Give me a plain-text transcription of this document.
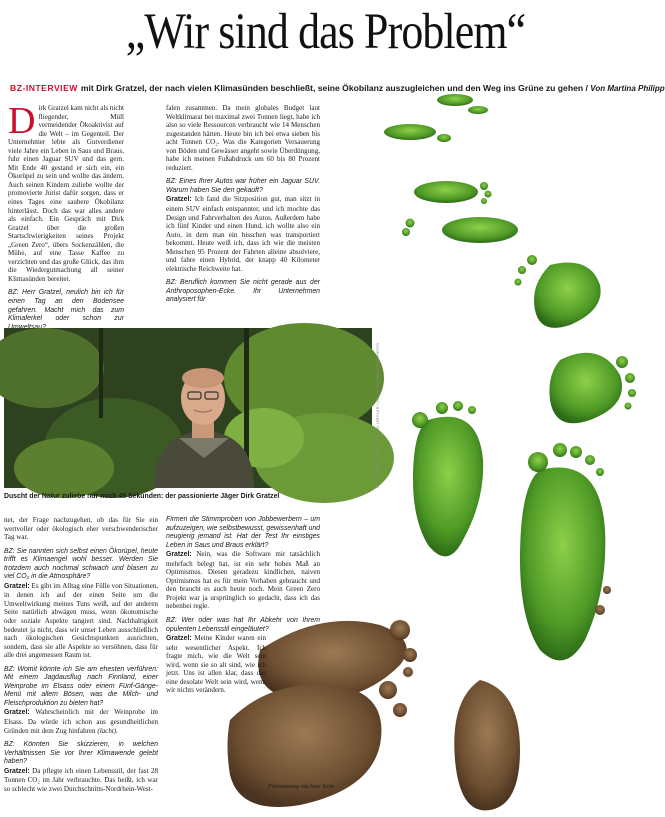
„Wir sind das Problem“
BZ-INTERVIEW mit Dirk Gratzel, der nach vielen Klimasünden beschließt, seine Ökobilanz auszugleichen und den Weg ins Grüne zu gehen / Von Martina Philipp

Dirk Gratzel kam nicht als nicht fliegender, Müll vermeidender Ökoaktivist auf die Welt – im Gegenteil. Der Unternehmer lebte als Gutverdiener viele Jahre ein Leben in Saus und Braus, fuhr einen Jaguar SUV und das gern. Mit Ende 40 gestand er sich ein, ein Ökorüpel zu sein und wollte das ändern. Auch seinen Kindern zuliebe wollte der promovierte Jurist dafür sorgen, dass er eines Tages eine saubere Ökobilanz hinterlässt. Doch das war alles andere als einfach. Ein Gespräch mit Dirk Gratzel über die großen Startschwierigkeiten seines Projekt „Green Zero“, übers Sockenzählen, die Mühe, auf eine Tasse Kaffee zu verzichten und das große Glück, das ihm die Wiedergutmachung all seiner Klimasünden bereitet.

BZ: Herr Gratzel, neulich bin ich für einen Tag an den Bodensee gefahren. Macht mich das zum Klimaferkel oder schon zur

falen zusammen. Da mein globales Budget laut Weltklimarat bei maximal zwei Tonnen liegt, habe ich also so viele Ressourcen verbraucht wie 14 Menschen zugestanden hätten. Heute bin ich bei etwa sieben bis acht Tonnen CO₂. Was die Kategorien Versauerung von Böden und Gewässer angeht sowie Überdüngung, habe ich meinen Fußabdruck um 60 bis 80 Prozent reduziert.

BZ: Eines Ihrer Autos war früher ein Jaguar SUV. Warum haben Sie den gekauft?

Gratzel: Ich fand die Sitzposition gut, man sitzt in einem SUV einfach entspannter, und ich mochte das Design und Fahrverhalten des Autos. Außerdem habe ich fünf Kinder und einen Hund, ich wollte also ein Auto, in dem man ein bisschen was transportiert bekommt. Heute weiß ich, dass ich wie die meisten Menschen 95 Prozent der Fahrten alleine absolviere, und fahre einen Hybrid, der knapp 40 Kilometer elektrische Reichweite hat.

BZ: Beruflich kommen Sie nicht gerade aus der Anthroposophen-Ecke. Ihr Unternehmen analysiert für

FOTO: MARKUS GOTTA / BRUNO LÖFFLER / GETTY IMAGES/ISTOCKPHOTO
Duscht der Natur zuliebe nur noch 45 Sekunden: der passionierte Jäger Dirk Gratzel

net, der Frage nachzugehen, ob das für Sie ein wertvoller oder ökologisch eher verschwenderischer Tag war.

BZ: Sie nannten sich selbst einen Ökorüpel, heute trifft es Klimaengel wohl besser. Werden Sie trotzdem auch nochmal schwach und blasen zu viel CO₂ in die Atmosphäre?

Gratzel: Es gibt im Alltag eine Fülle von Situationen, in denen ich auf der einen Seite um die Umweltwirkung meines Tuns weiß, auf der anderen Seite natürlich abwägen muss, wenn ökonomische oder soziale Aspekte tangiert sind. Nachhaltigkeit bedeutet ja nicht, dass wir unser Leben ausschließlich nach ökologischen Gesichtspunkten ausrichten, sondern, dass sie alle Aspekte so versöhnen, dass für alle drei angemessen Raum ist.

BZ: Womit könnte ich Sie am ehesten verführen: Mit einem Jagdausflug nach Finnland, einer Weinprobe im Elsass oder einem Fünf-Gänge-Menü mit allem Bösen, was die Milch- und Fleischproduktion zu bieten hat?

Gratzel: Wahrscheinlich mit der Weinprobe im Elsass. Da würde ich schon aus gesundheitlichen Gründen mit dem Zug hinfahren (lacht).

BZ: Könnten Sie skizzieren, in welchen Verhältnissen Sie vor Ihrer Klimawende gelebt haben?

Gratzel: Da pflegte ich einen Lebensstil, der fast 28 Tonnen CO₂ im Jahr verbrauchte. Das heißt, ich war so schlecht wie zwei Durchschnitts-Nordrhein-West-

Firmen die Stimmproben von Jobbewerbern – um aufzuzeigen, wie selbstbewusst, gewissenhaft und neugierig jemand ist. Hat der Test Ihr einstiges Leben in Saus und Braus erklärt?

Gratzel: Nein, was die Software mir tatsächlich mehrfach belegt hat, ist ein sehr hohes Maß an Optimismus. Diesen geradezu kindlichen, naiven Optimismus hat es für mein Vorhaben gebraucht und den braucht es auch heute noch. Mein Green Zero Projekt war ja ursprünglich so gedacht, dass ich das nebenbei regle.

BZ: Wer oder was hat Ihr Abkehr von Ihrem opulenten Lebensstil eingeläutet?

Gratzel: Meine Kinder waren ein sehr wesentlicher Aspekt. Ich fragte mich, wie die Welt sein wird, wenn sie so alt sind, wie ich jetzt. Uns ist allen klar, dass das eine desolate Welt sein wird, wenn wir nichts verändern.

Fortsetzung nächste Seite
